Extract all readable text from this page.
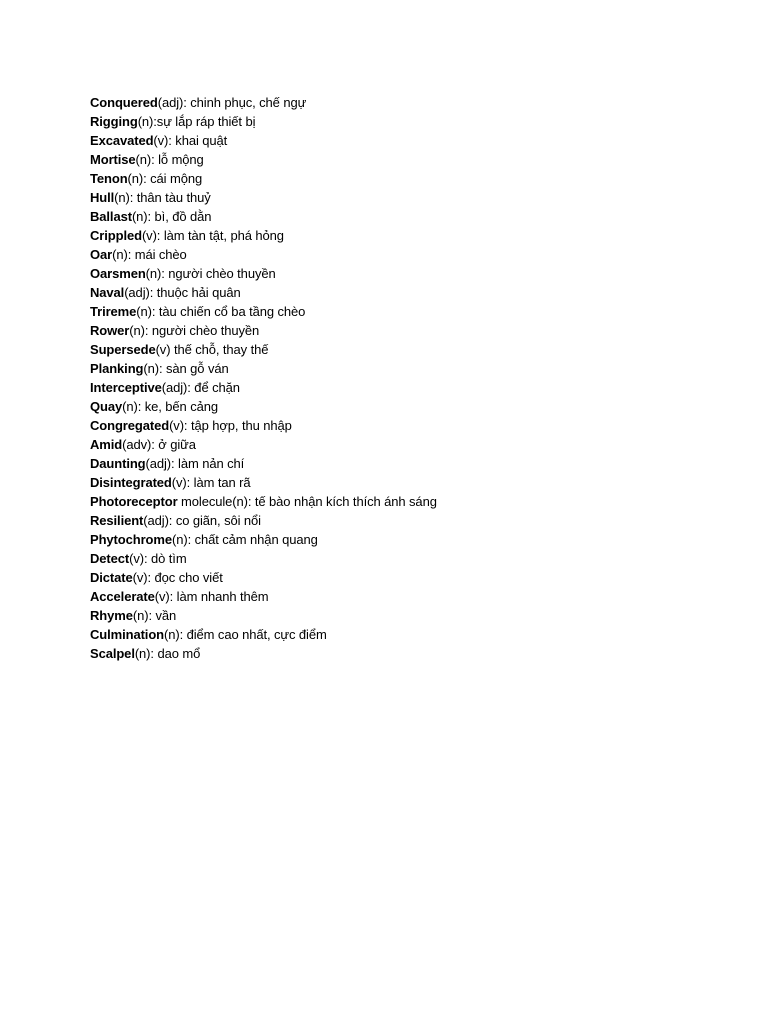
Conquered(adj): chinh phục, chế ngự
Rigging(n):sự lắp ráp thiết bị
Excavated(v): khai quật
Mortise(n): lỗ mộng
Tenon(n): cái mộng
Hull(n): thân tàu thuỷ
Ballast(n): bì, đồ dằn
Crippled(v): làm tàn tật, phá hỏng
Oar(n): mái chèo
Oarsmen(n): người chèo thuyền
Naval(adj): thuộc hải quân
Trireme(n): tàu chiến cổ ba tầng chèo
Rower(n): người chèo thuyền
Supersede(v) thế chỗ, thay thế
Planking(n): sàn gỗ ván
Interceptive(adj): để chặn
Quay(n): ke, bến cảng
Congregated(v): tập hợp, thu nhập
Amid(adv): ở giữa
Daunting(adj): làm nản chí
Disintegrated(v): làm tan rã
Photoreceptor molecule(n): tế bào nhận kích thích ánh sáng
Resilient(adj): co giãn, sôi nổi
Phytochrome(n): chất cảm nhận quang
Detect(v): dò tìm
Dictate(v): đọc cho viết
Accelerate(v): làm nhanh thêm
Rhyme(n): vần
Culmination(n): điểm cao nhất, cực điểm
Scalpel(n): dao mổ
